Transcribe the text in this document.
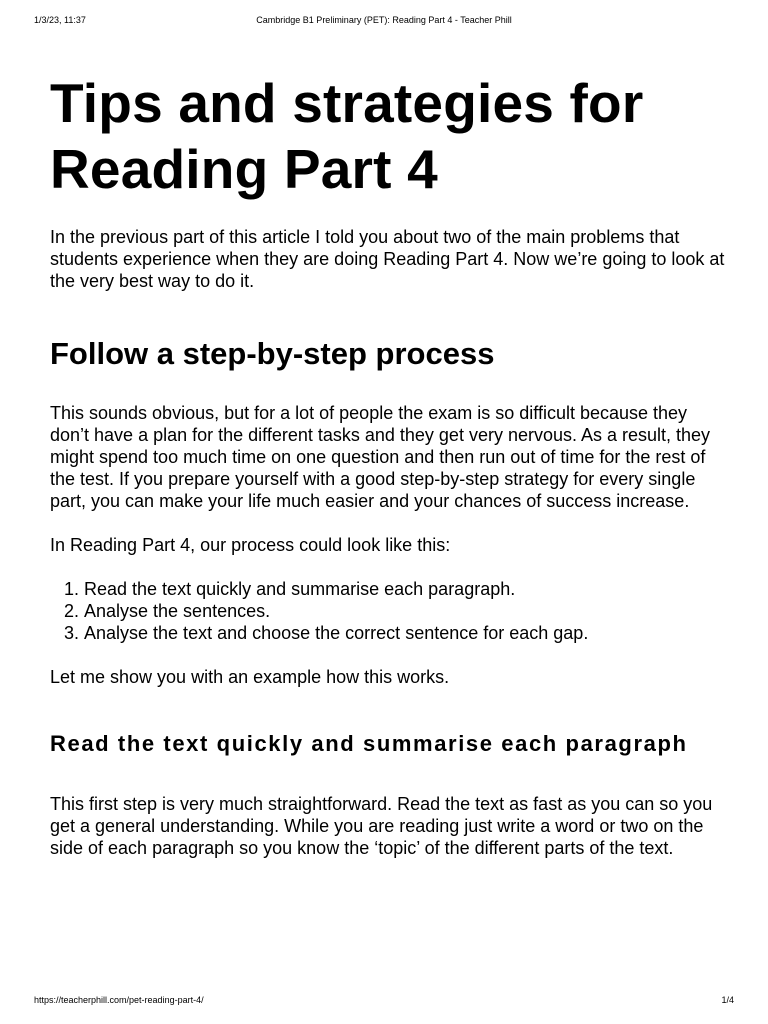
1/3/23, 11:37	Cambridge B1 Preliminary (PET): Reading Part 4 - Teacher Phill
Tips and strategies for Reading Part 4

In the previous part of this article I told you about two of the main problems that students experience when they are doing Reading Part 4. Now we’re going to look at the very best way to do it.

Follow a step-by-step process

This sounds obvious, but for a lot of people the exam is so difficult because they don’t have a plan for the different tasks and they get very nervous. As a result, they might spend too much time on one question and then run out of time for the rest of the test. If you prepare yourself with a good step-by-step strategy for every single part, you can make your life much easier and your chances of success increase.

In Reading Part 4, our process could look like this:

1. Read the text quickly and summarise each paragraph.
2. Analyse the sentences.
3. Analyse the text and choose the correct sentence for each gap.

Let me show you with an example how this works.

Read the text quickly and summarise each paragraph

This first step is very much straightforward. Read the text as fast as you can so you get a general understanding. While you are reading just write a word or two on the side of each paragraph so you know the ‘topic’ of the different parts of the text.

https://teacherphill.com/pet-reading-part-4/	1/4
